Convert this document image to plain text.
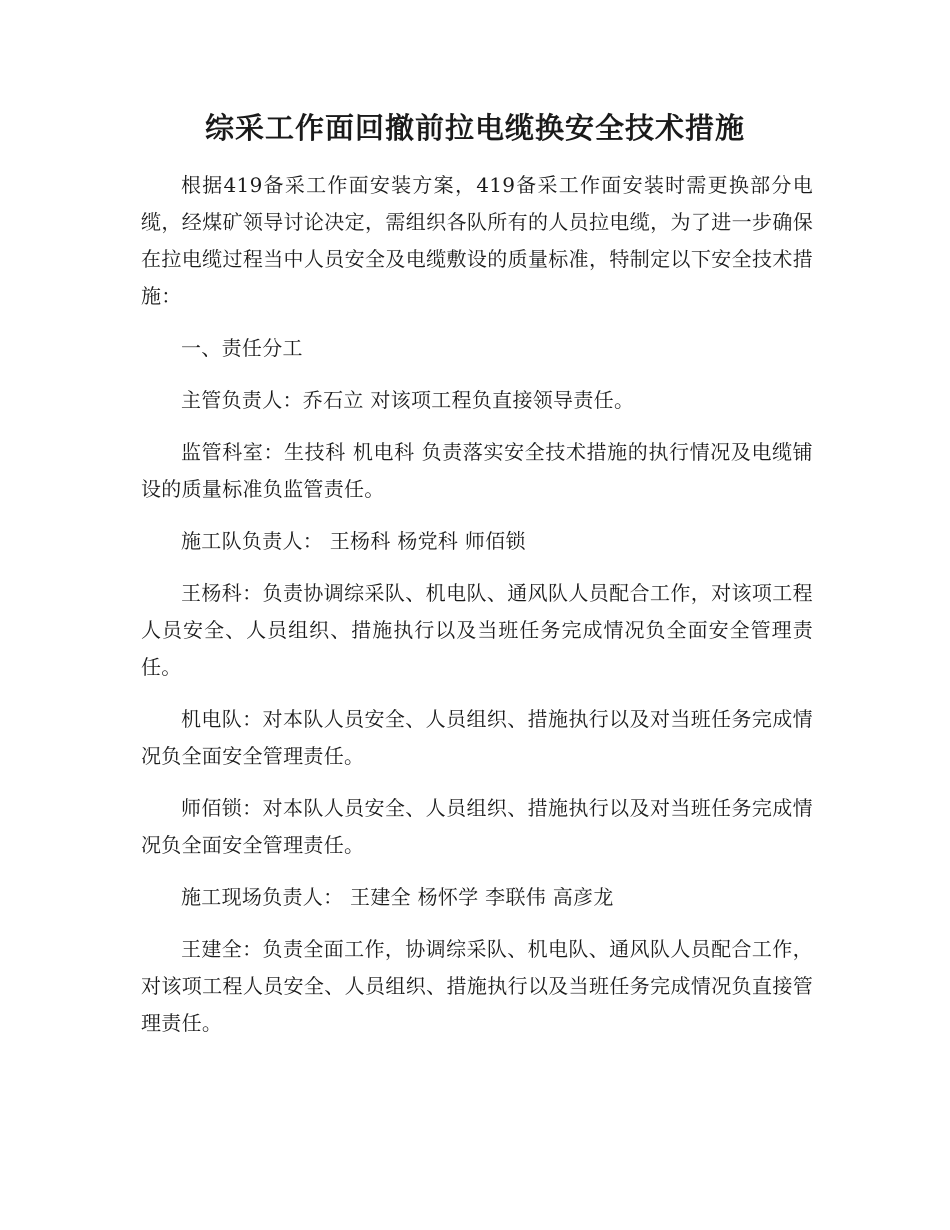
综采工作面回撤前拉电缆换安全技术措施

根据419备采工作面安装方案，419备采工作面安装时需更换部分电缆，经煤矿领导讨论决定，需组织各队所有的人员拉电缆，为了进一步确保在拉电缆过程当中人员安全及电缆敷设的质量标准，特制定以下安全技术措施：

一、责任分工

主管负责人：乔石立 对该项工程负直接领导责任。

监管科室：生技科 机电科 负责落实安全技术措施的执行情况及电缆铺设的质量标准负监管责任。

施工队负责人： 王杨科 杨党科 师佰锁

王杨科：负责协调综采队、机电队、通风队人员配合工作，对该项工程人员安全、人员组织、措施执行以及当班任务完成情况负全面安全管理责任。

机电队：对本队人员安全、人员组织、措施执行以及对当班任务完成情况负全面安全管理责任。

师佰锁：对本队人员安全、人员组织、措施执行以及对当班任务完成情况负全面安全管理责任。

施工现场负责人： 王建全 杨怀学 李联伟 高彦龙

王建全：负责全面工作，协调综采队、机电队、通风队人员配合工作，对该项工程人员安全、人员组织、措施执行以及当班任务完成情况负直接管理责任。
